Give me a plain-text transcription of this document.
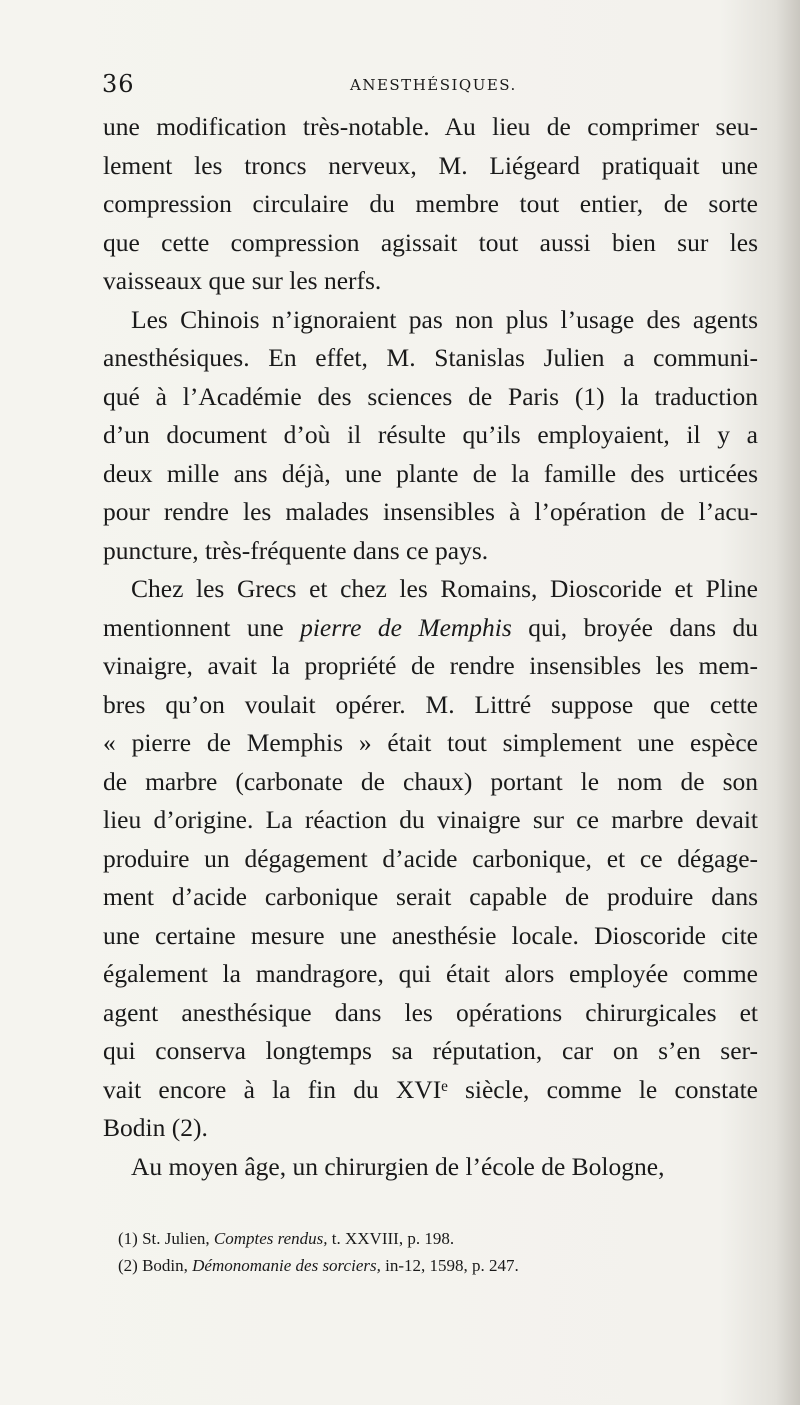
36	ANESTHÉSIQUES.

une modification très-notable. Au lieu de comprimer seu-
lement les troncs nerveux, M. Liégeard pratiquait une
compression circulaire du membre tout entier, de sorte
que cette compression agissait tout aussi bien sur les
vaisseaux que sur les nerfs.

Les Chinois n’ignoraient pas non plus l’usage des agents
anesthésiques. En effet, M. Stanislas Julien a communi-
qué à l’Académie des sciences de Paris (1) la traduction
d’un document d’où il résulte qu’ils employaient, il y a
deux mille ans déjà, une plante de la famille des urticées
pour rendre les malades insensibles à l’opération de l’acu-
puncture, très-fréquente dans ce pays.

Chez les Grecs et chez les Romains, Dioscoride et Pline
mentionnent une pierre de Memphis qui, broyée dans du
vinaigre, avait la propriété de rendre insensibles les mem-
bres qu’on voulait opérer. M. Littré suppose que cette
« pierre de Memphis » était tout simplement une espèce
de marbre (carbonate de chaux) portant le nom de son
lieu d’origine. La réaction du vinaigre sur ce marbre devait
produire un dégagement d’acide carbonique, et ce dégage-
ment d’acide carbonique serait capable de produire dans
une certaine mesure une anesthésie locale. Dioscoride cite
également la mandragore, qui était alors employée comme
agent anesthésique dans les opérations chirurgicales et
qui conserva longtemps sa réputation, car on s’en ser-
vait encore à la fin du XVIᵉ siècle, comme le constate
Bodin (2).

Au moyen âge, un chirurgien de l’école de Bologne,

(1) St. Julien, Comptes rendus, t. XXVIII, p. 198.
(2) Bodin, Démonomanie des sorciers, in-12, 1598, p. 247.
